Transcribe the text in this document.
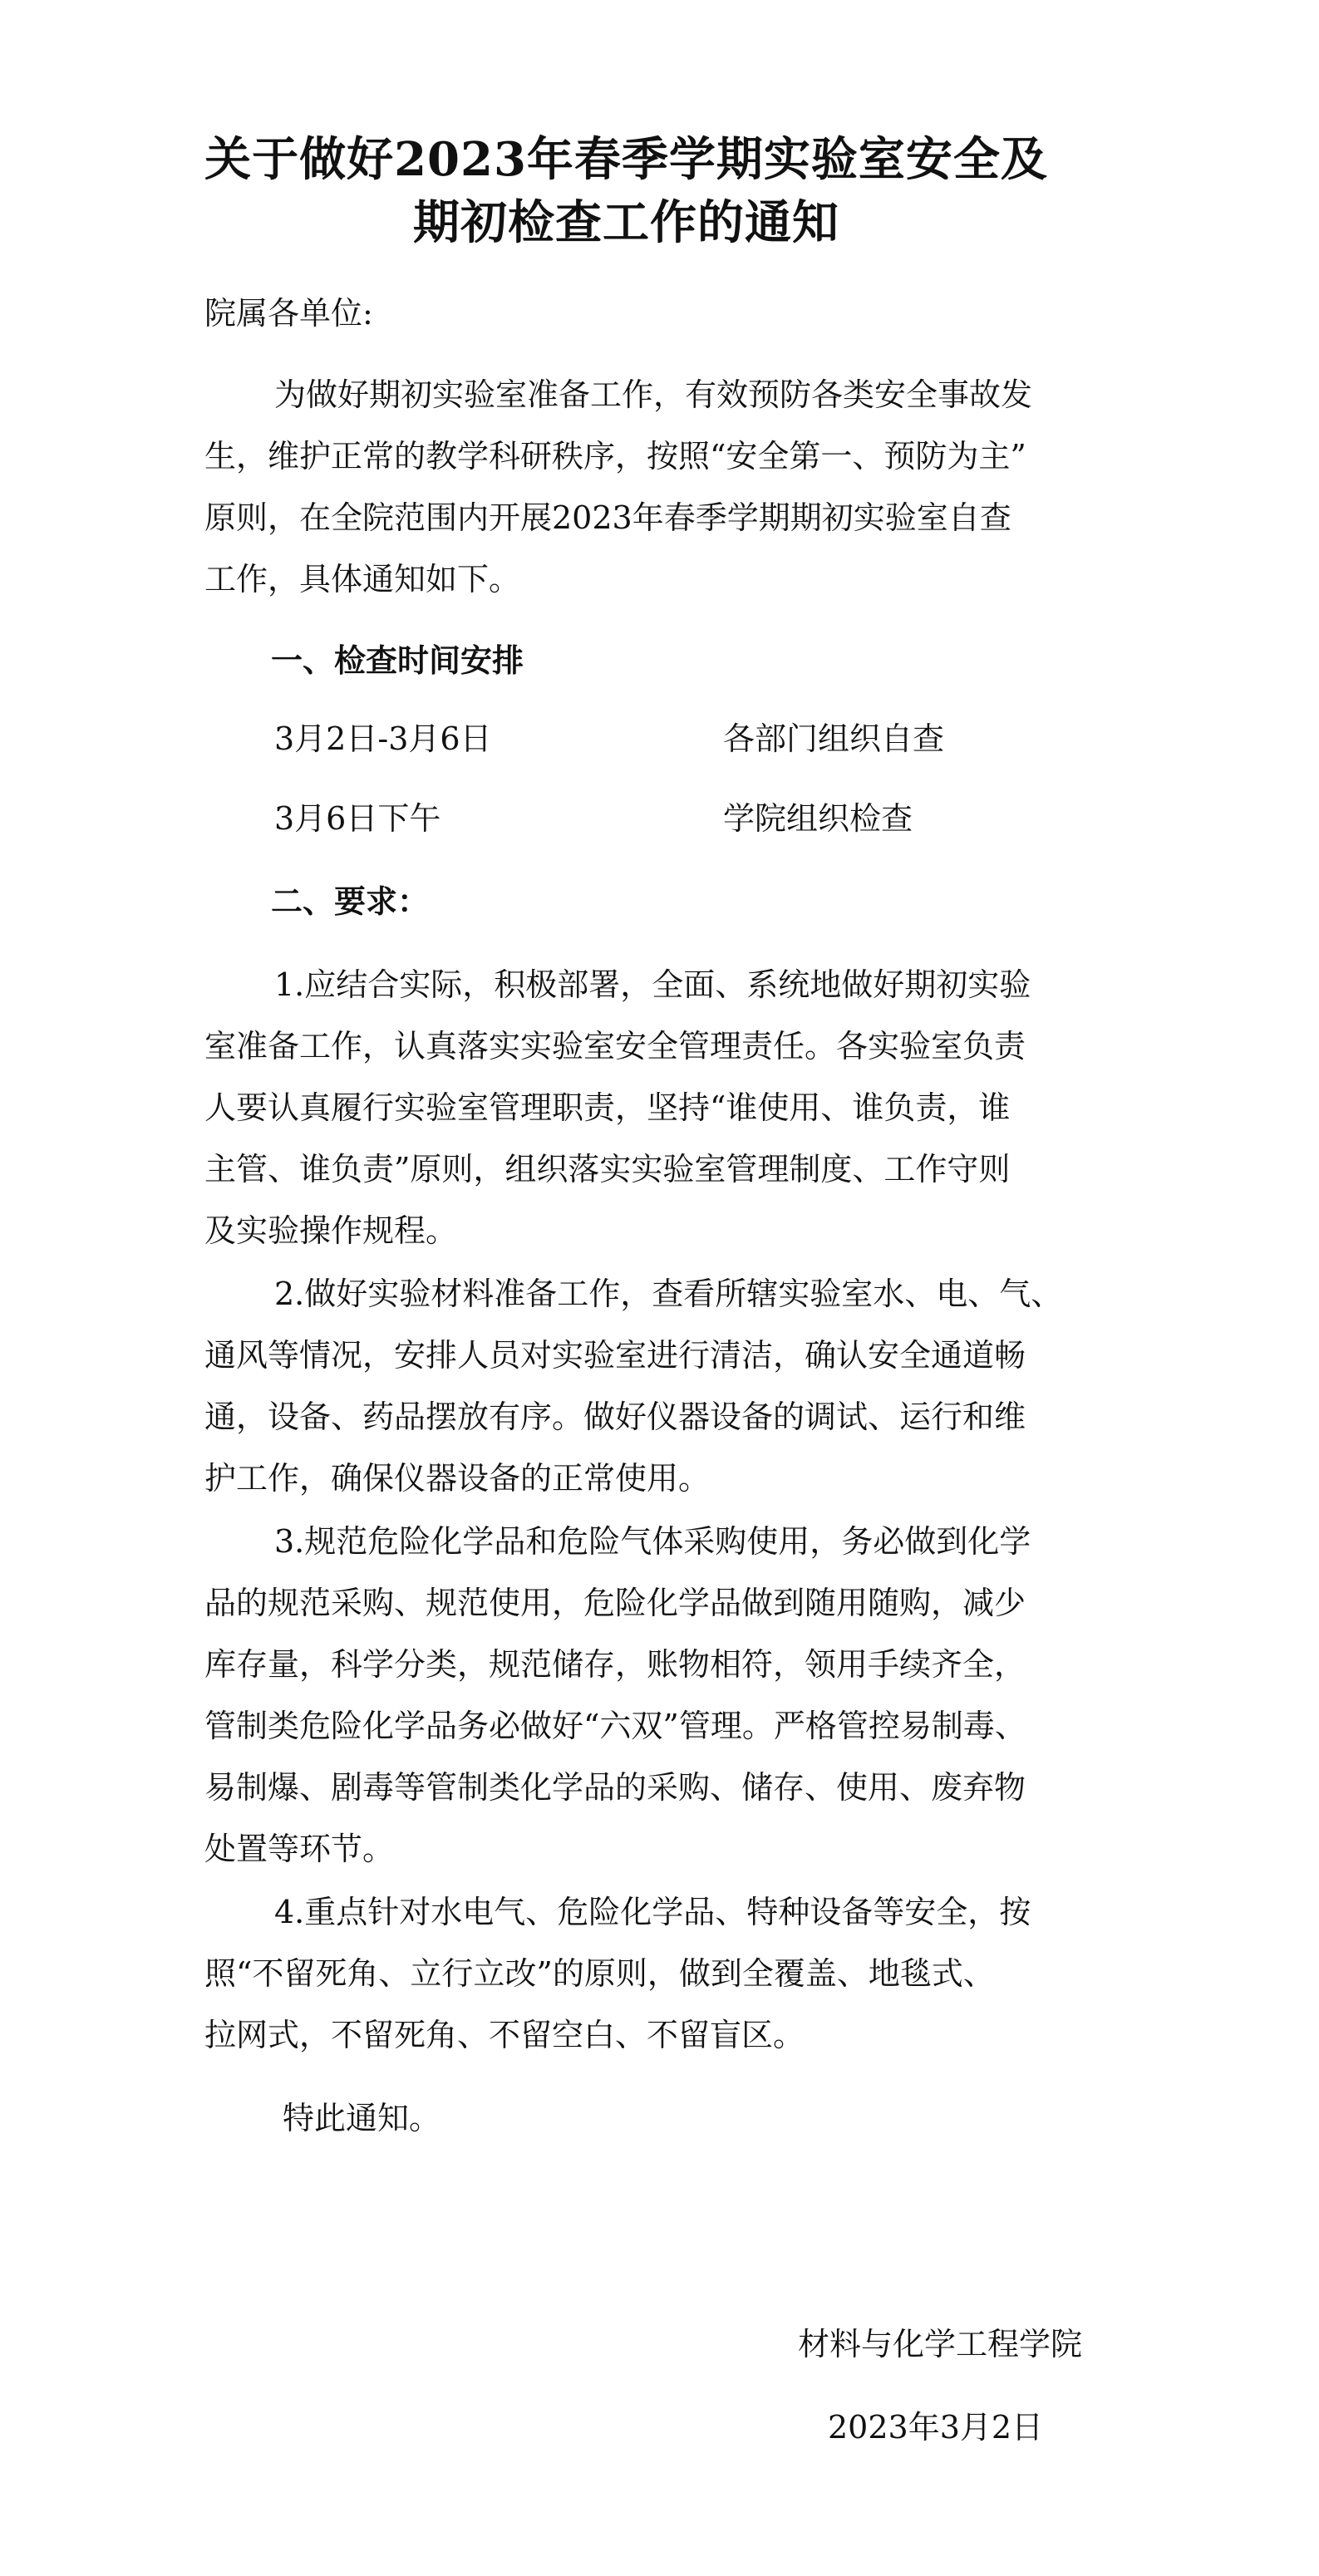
关于做好2023年春季学期实验室安全及
期初检查工作的通知
院属各单位:
为做好期初实验室准备工作，有效预防各类安全事故发
生，维护正常的教学科研秩序，按照“安全第一、预防为主”
原则，在全院范围内开展2023年春季学期期初实验室自查
工作，具体通知如下。
一、检查时间安排
3月2日-3月6日	各部门组织自查
3月6日下午	学院组织检查
二、要求：
1.应结合实际，积极部署，全面、系统地做好期初实验
室准备工作，认真落实实验室安全管理责任。各实验室负责
人要认真履行实验室管理职责，坚持“谁使用、谁负责，谁
主管、谁负责”原则，组织落实实验室管理制度、工作守则
及实验操作规程。
2.做好实验材料准备工作，查看所辖实验室水、电、气、
通风等情况，安排人员对实验室进行清洁，确认安全通道畅
通，设备、药品摆放有序。做好仪器设备的调试、运行和维
护工作，确保仪器设备的正常使用。
3.规范危险化学品和危险气体采购使用，务必做到化学
品的规范采购、规范使用，危险化学品做到随用随购，减少
库存量，科学分类，规范储存，账物相符，领用手续齐全，
管制类危险化学品务必做好“六双”管理。严格管控易制毒、
易制爆、剧毒等管制类化学品的采购、储存、使用、废弃物
处置等环节。
4.重点针对水电气、危险化学品、特种设备等安全，按
照“不留死角、立行立改”的原则，做到全覆盖、地毯式、
拉网式，不留死角、不留空白、不留盲区。
特此通知。
材料与化学工程学院
2023年3月2日
